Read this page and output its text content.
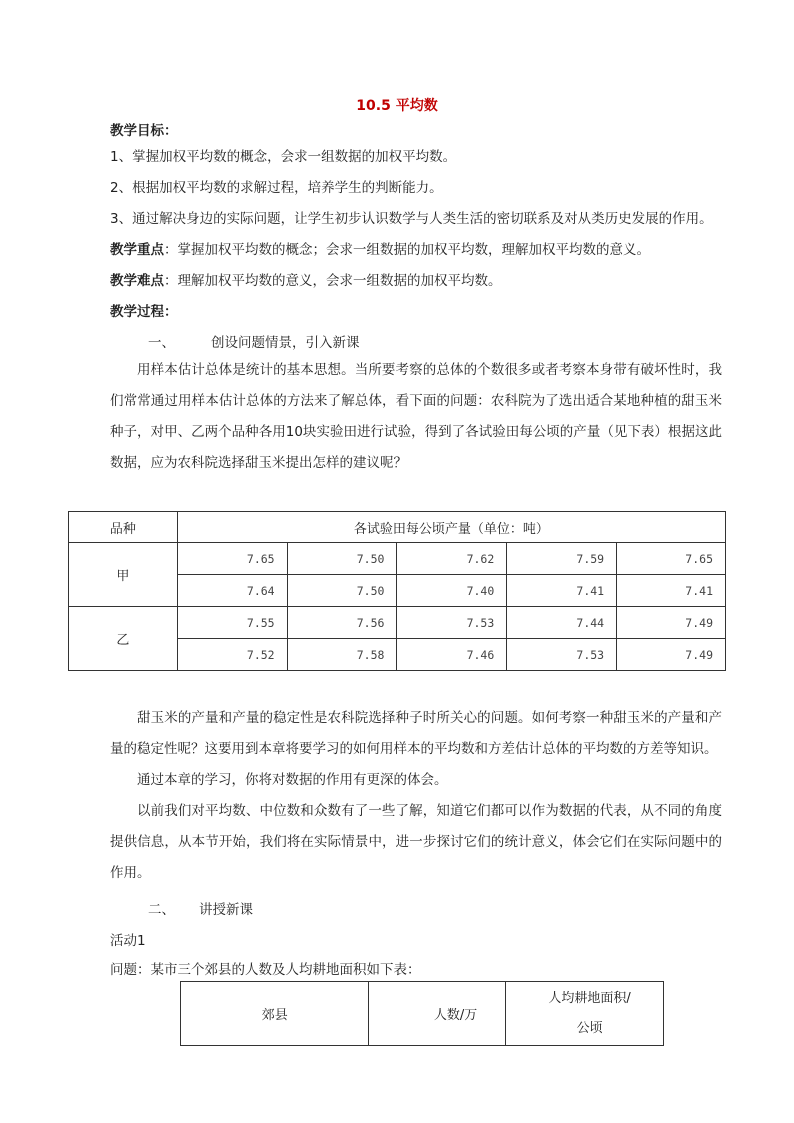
10.5 平均数
教学目标：
1、掌握加权平均数的概念，会求一组数据的加权平均数。
2、根据加权平均数的求解过程，培养学生的判断能力。
3、通过解决身边的实际问题，让学生初步认识数学与人类生活的密切联系及对从类历史发展的作用。
教学重点：掌握加权平均数的概念；会求一组数据的加权平均数，理解加权平均数的意义。
教学难点：理解加权平均数的意义，会求一组数据的加权平均数。
教学过程：
一、	创设问题情景，引入新课
用样本估计总体是统计的基本思想。当所要考察的总体的个数很多或者考察本身带有破坏性时，我们常常通过用样本估计总体的方法来了解总体，看下面的问题：农科院为了选出适合某地种植的甜玉米种子，对甲、乙两个品种各用10块实验田进行试验，得到了各试验田每公顷的产量（见下表）根据这此数据，应为农科院选择甜玉米提出怎样的建议呢？
品种	各试验田每公顷产量（单位：吨）				
甲	7.65	7.50	7.62	7.59	7.65
	7.64	7.50	7.40	7.41	7.41
乙	7.55	7.56	7.53	7.44	7.49
	7.52	7.58	7.46	7.53	7.49
甜玉米的产量和产量的稳定性是农科院选择种子时所关心的问题。如何考察一种甜玉米的产量和产量的稳定性呢？这要用到本章将要学习的如何用样本的平均数和方差估计总体的平均数的方差等知识。
通过本章的学习，你将对数据的作用有更深的体会。
以前我们对平均数、中位数和众数有了一些了解，知道它们都可以作为数据的代表，从不同的角度提供信息，从本节开始，我们将在实际情景中，进一步探讨它们的统计意义，体会它们在实际问题中的作用。
二、 讲授新课
活动1
问题：某市三个郊县的人数及人均耕地面积如下表：
郊县	人数/万	人均耕地面积/公顷
